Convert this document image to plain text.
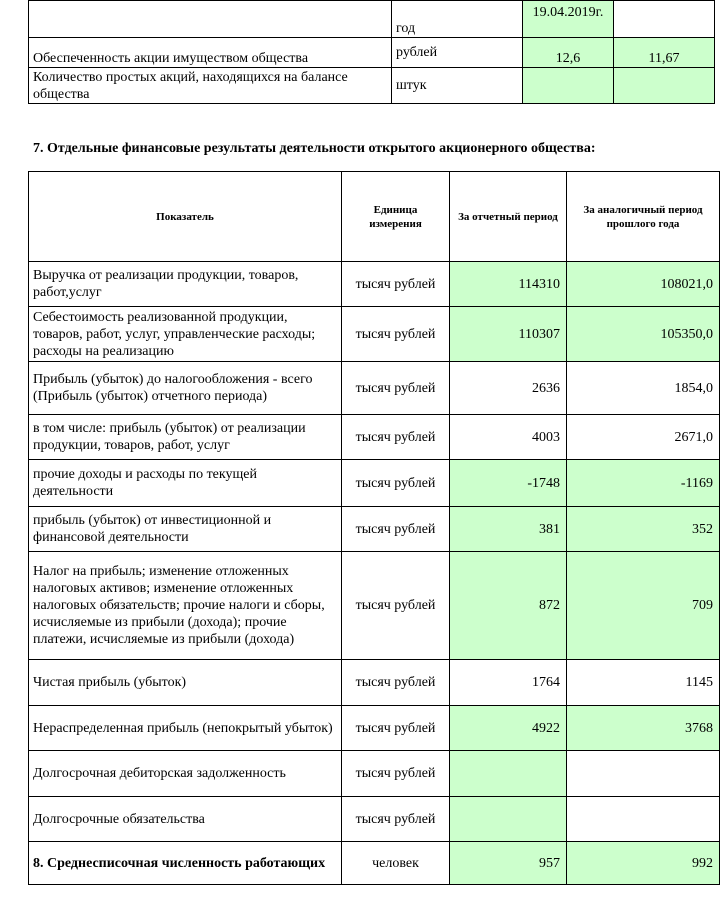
	год	19.04.2019г.	
Обеспеченность акции имуществом общества	рублей	12,6	11,67
Количество простых акций, находящихся на балансе общества	штук		
7. Отдельные финансовые результаты деятельности открытого акционерного общества:
Показатель	Единица измерения	За отчетный период	За аналогичный период прошлого года
Выручка от реализации продукции, товаров, работ,услуг	тысяч рублей	114310	108021,0
Себестоимость реализованной продукции, товаров, работ, услуг, управленческие расходы; расходы на реализацию	тысяч рублей	110307	105350,0
Прибыль (убыток) до налогообложения - всего (Прибыль (убыток) отчетного периода)	тысяч рублей	2636	1854,0
в том числе: прибыль (убыток) от реализации продукции, товаров, работ, услуг	тысяч рублей	4003	2671,0
прочие доходы и расходы по текущей деятельности	тысяч рублей	-1748	-1169
прибыль (убыток) от инвестиционной и финансовой деятельности	тысяч рублей	381	352
Налог на прибыль; изменение отложенных налоговых активов; изменение отложенных налоговых обязательств; прочие налоги и сборы, исчисляемые из прибыли (дохода); прочие платежи, исчисляемые из прибыли (дохода)	тысяч рублей	872	709
Чистая прибыль (убыток)	тысяч рублей	1764	1145
Нераспределенная прибыль (непокрытый убыток)	тысяч рублей	4922	3768
Долгосрочная дебиторская задолженность	тысяч рублей		
Долгосрочные обязательства	тысяч рублей		
8. Среднесписочная численность работающих	человек	957	992
